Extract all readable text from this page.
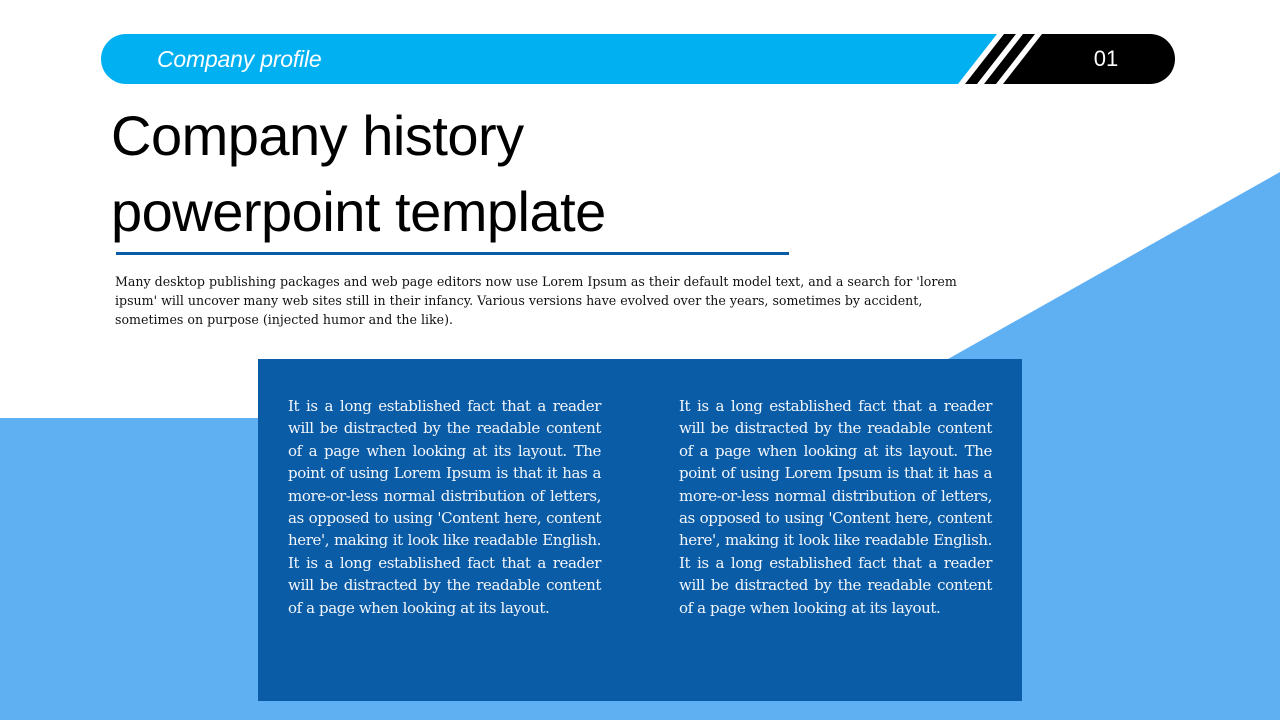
Company profile	01
Company history
powerpoint template

Many desktop publishing packages and web page editors now use Lorem Ipsum as their default model text, and a search for 'lorem ipsum' will uncover many web sites still in their infancy. Various versions have evolved over the years, sometimes by accident, sometimes on purpose (injected humor and the like).

It is a long established fact that a reader will be distracted by the readable content of a page when looking at its layout. The point of using Lorem Ipsum is that it has a more-or-less normal distribution of letters, as opposed to using 'Content here, content here', making it look like readable English. It is a long established fact that a reader will be distracted by the readable content of a page when looking at its layout.

It is a long established fact that a reader will be distracted by the readable content of a page when looking at its layout. The point of using Lorem Ipsum is that it has a more-or-less normal distribution of letters, as opposed to using 'Content here, content here', making it look like readable English. It is a long established fact that a reader will be distracted by the readable content of a page when looking at its layout.
